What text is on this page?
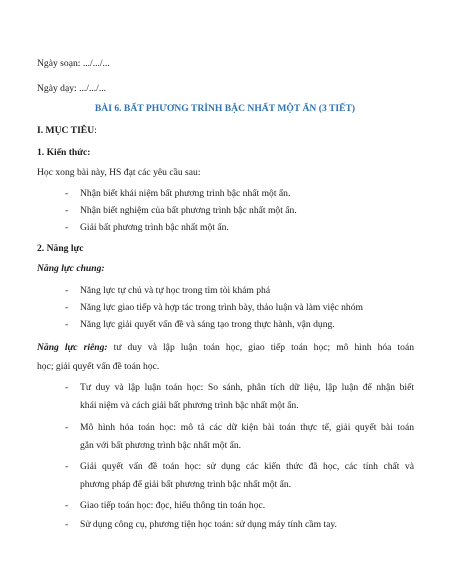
Ngày soạn: .../.../...
Ngày dạy: .../.../...
BÀI 6. BẤT PHƯƠNG TRÌNH BẬC NHẤT MỘT ẨN (3 TIẾT)
I. MỤC TIÊU:
1. Kiến thức:
Học xong bài này, HS đạt các yêu cầu sau:
- Nhận biết khái niệm bất phương trình bậc nhất một ẩn.
- Nhận biết nghiệm của bất phương trình bậc nhất một ẩn.
- Giải bất phương trình bậc nhất một ẩn.
2. Năng lực
Năng lực chung:
- Năng lực tự chủ và tự học trong tìm tòi khám phá
- Năng lực giao tiếp và hợp tác trong trình bày, thảo luận và làm việc nhóm
- Năng lực giải quyết vấn đề và sáng tạo trong thực hành, vận dụng.
Năng lực riêng: tư duy và lập luận toán học, giao tiếp toán học; mô hình hóa toán
học; giải quyết vấn đề toán học.
- Tư duy và lập luận toán học: So sánh, phân tích dữ liệu, lập luận để nhận biết
khái niệm và cách giải bất phương trình bậc nhất một ẩn.
- Mô hình hóa toán học: mô tả các dữ kiện bài toán thực tế, giải quyết bài toán
gắn với bất phương trình bậc nhất một ẩn.
- Giải quyết vấn đề toán học: sử dụng các kiến thức đã học, các tính chất và
phương pháp để giải bất phương trình bậc nhất một ẩn.
- Giao tiếp toán học: đọc, hiểu thông tin toán học.
- Sử dụng công cụ, phương tiện học toán: sử dụng máy tính cầm tay.
